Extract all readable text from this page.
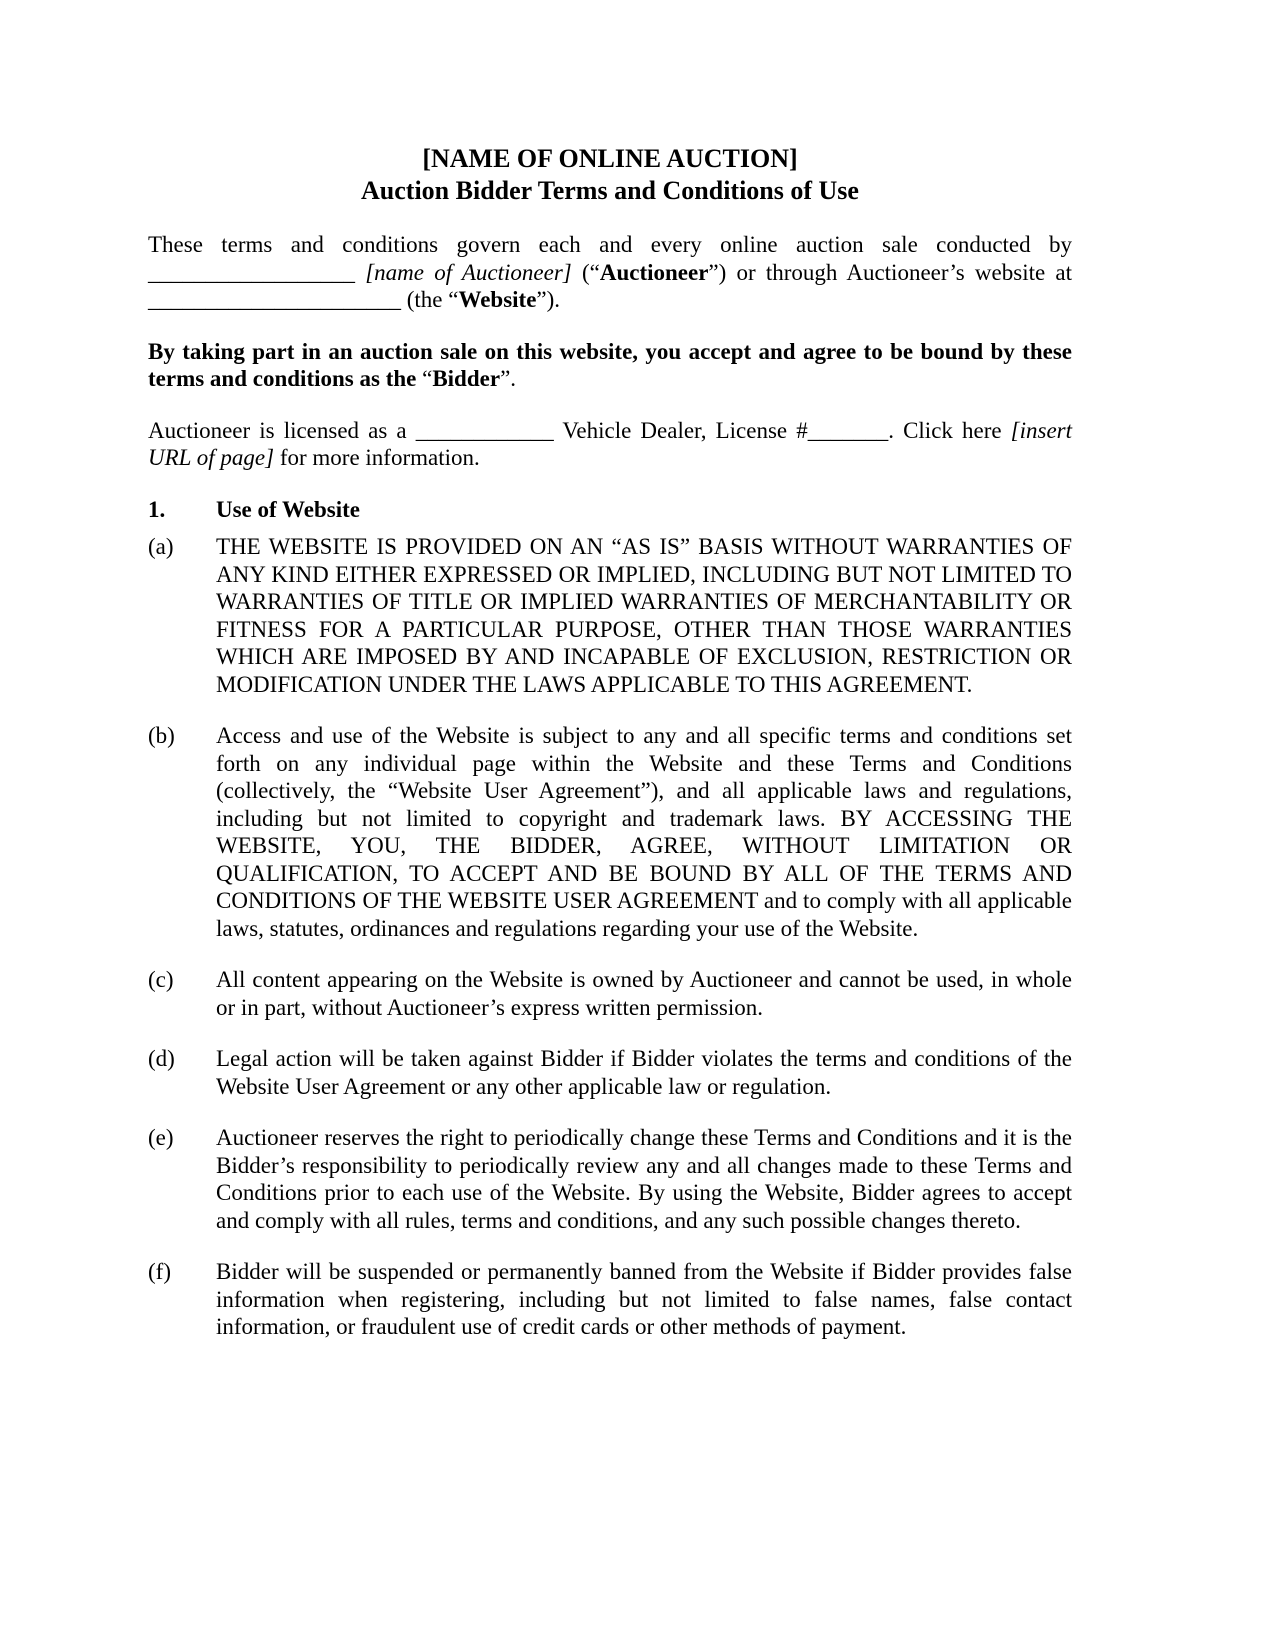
[NAME OF ONLINE AUCTION]
Auction Bidder Terms and Conditions of Use

These terms and conditions govern each and every online auction sale conducted by __________________ [name of Auctioneer] (“Auctioneer”) or through Auctioneer’s website at ______________________ (the “Website”).

By taking part in an auction sale on this website, you accept and agree to be bound by these terms and conditions as the “Bidder”.

Auctioneer is licensed as a ____________ Vehicle Dealer, License #_______. Click here [insert URL of page] for more information.

1.	Use of Website
(a)	THE WEBSITE IS PROVIDED ON AN “AS IS” BASIS WITHOUT WARRANTIES OF ANY KIND EITHER EXPRESSED OR IMPLIED, INCLUDING BUT NOT LIMITED TO WARRANTIES OF TITLE OR IMPLIED WARRANTIES OF MERCHANTABILITY OR FITNESS FOR A PARTICULAR PURPOSE, OTHER THAN THOSE WARRANTIES WHICH ARE IMPOSED BY AND INCAPABLE OF EXCLUSION, RESTRICTION OR MODIFICATION UNDER THE LAWS APPLICABLE TO THIS AGREEMENT.
(b)	Access and use of the Website is subject to any and all specific terms and conditions set forth on any individual page within the Website and these Terms and Conditions (collectively, the “Website User Agreement”), and all applicable laws and regulations, including but not limited to copyright and trademark laws. BY ACCESSING THE WEBSITE, YOU, THE BIDDER, AGREE, WITHOUT LIMITATION OR QUALIFICATION, TO ACCEPT AND BE BOUND BY ALL OF THE TERMS AND CONDITIONS OF THE WEBSITE USER AGREEMENT and to comply with all applicable laws, statutes, ordinances and regulations regarding your use of the Website.
(c)	All content appearing on the Website is owned by Auctioneer and cannot be used, in whole or in part, without Auctioneer’s express written permission.
(d)	Legal action will be taken against Bidder if Bidder violates the terms and conditions of the Website User Agreement or any other applicable law or regulation.
(e)	Auctioneer reserves the right to periodically change these Terms and Conditions and it is the Bidder’s responsibility to periodically review any and all changes made to these Terms and Conditions prior to each use of the Website. By using the Website, Bidder agrees to accept and comply with all rules, terms and conditions, and any such possible changes thereto.
(f)	Bidder will be suspended or permanently banned from the Website if Bidder provides false information when registering, including but not limited to false names, false contact information, or fraudulent use of credit cards or other methods of payment.
